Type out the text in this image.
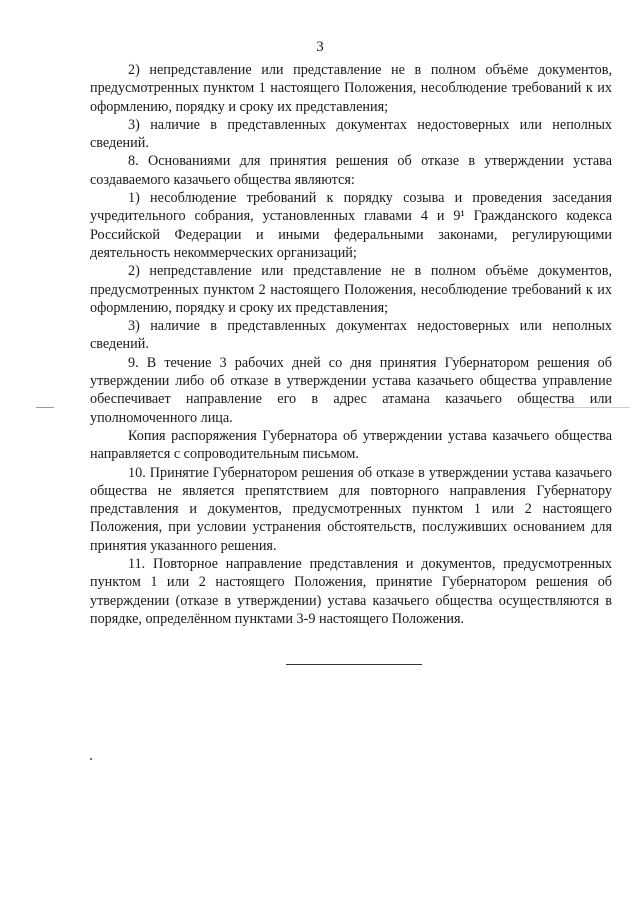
3

2) непредставление или представление не в полном объёме документов, предусмотренных пунктом 1 настоящего Положения, несоблюдение требований к их оформлению, порядку и сроку их представления;

3) наличие в представленных документах недостоверных или неполных сведений.

8. Основаниями для принятия решения об отказе в утверждении устава создаваемого казачьего общества являются:

1) несоблюдение требований к порядку созыва и проведения заседания учредительного собрания, установленных главами 4 и 9¹ Гражданского кодекса Российской Федерации и иными федеральными законами, регулирующими деятельность некоммерческих организаций;

2) непредставление или представление не в полном объёме документов, предусмотренных пунктом 2 настоящего Положения, несоблюдение требований к их оформлению, порядку и сроку их представления;

3) наличие в представленных документах недостоверных или неполных сведений.

9. В течение 3 рабочих дней со дня принятия Губернатором решения об утверждении либо об отказе в утверждении устава казачьего общества управление обеспечивает направление его в адрес атамана казачьего общества или уполномоченного лица.

Копия распоряжения Губернатора об утверждении устава казачьего общества направляется с сопроводительным письмом.

10. Принятие Губернатором решения об отказе в утверждении устава казачьего общества не является препятствием для повторного направления Губернатору представления и документов, предусмотренных пунктом 1 или 2 настоящего Положения, при условии устранения обстоятельств, послуживших основанием для принятия указанного решения.

11. Повторное направление представления и документов, предусмотренных пунктом 1 или 2 настоящего Положения, принятие Губернатором решения об утверждении (отказе в утверждении) устава казачьего общества осуществляются в порядке, определённом пунктами 3-9 настоящего Положения.
